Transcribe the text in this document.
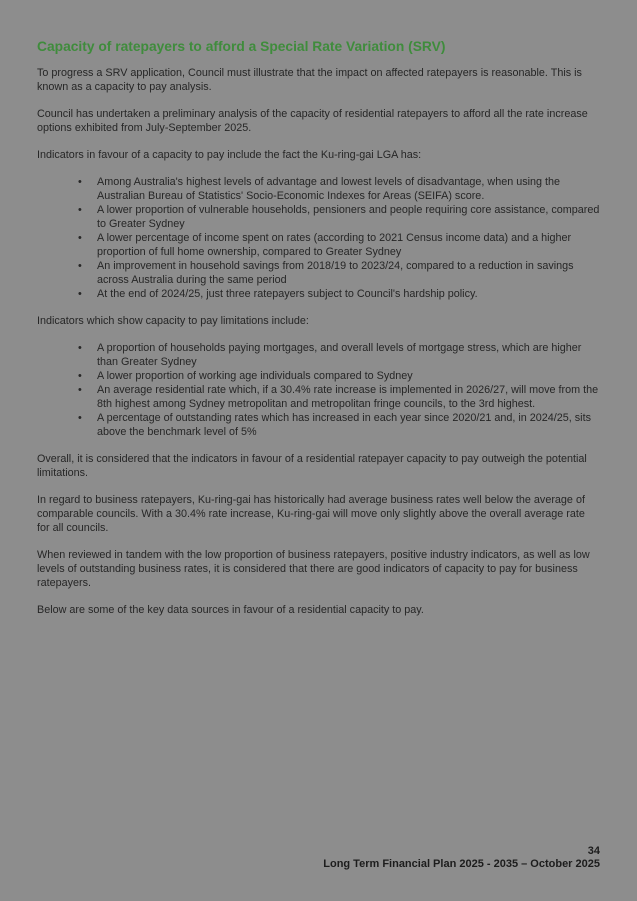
Capacity of ratepayers to afford a Special Rate Variation (SRV)

To progress a SRV application, Council must illustrate that the impact on affected ratepayers is reasonable. This is known as a capacity to pay analysis.

Council has undertaken a preliminary analysis of the capacity of residential ratepayers to afford all the rate increase options exhibited from July-September 2025.

Indicators in favour of a capacity to pay include the fact the Ku-ring-gai LGA has:

• Among Australia's highest levels of advantage and lowest levels of disadvantage, when using the Australian Bureau of Statistics' Socio-Economic Indexes for Areas (SEIFA) score.
• A lower proportion of vulnerable households, pensioners and people requiring core assistance, compared to Greater Sydney
• A lower percentage of income spent on rates (according to 2021 Census income data) and a higher proportion of full home ownership, compared to Greater Sydney
• An improvement in household savings from 2018/19 to 2023/24, compared to a reduction in savings across Australia during the same period
• At the end of 2024/25, just three ratepayers subject to Council's hardship policy.

Indicators which show capacity to pay limitations include:

• A proportion of households paying mortgages, and overall levels of mortgage stress, which are higher than Greater Sydney
• A lower proportion of working age individuals compared to Sydney
• An average residential rate which, if a 30.4% rate increase is implemented in 2026/27, will move from the 8th highest among Sydney metropolitan and metropolitan fringe councils, to the 3rd highest.
• A percentage of outstanding rates which has increased in each year since 2020/21 and, in 2024/25, sits above the benchmark level of 5%

Overall, it is considered that the indicators in favour of a residential ratepayer capacity to pay outweigh the potential limitations.

In regard to business ratepayers, Ku-ring-gai has historically had average business rates well below the average of comparable councils. With a 30.4% rate increase, Ku-ring-gai will move only slightly above the overall average rate for all councils.

When reviewed in tandem with the low proportion of business ratepayers, positive industry indicators, as well as low levels of outstanding business rates, it is considered that there are good indicators of capacity to pay for business ratepayers.

Below are some of the key data sources in favour of a residential capacity to pay.

34
Long Term Financial Plan 2025 - 2035 – October 2025
